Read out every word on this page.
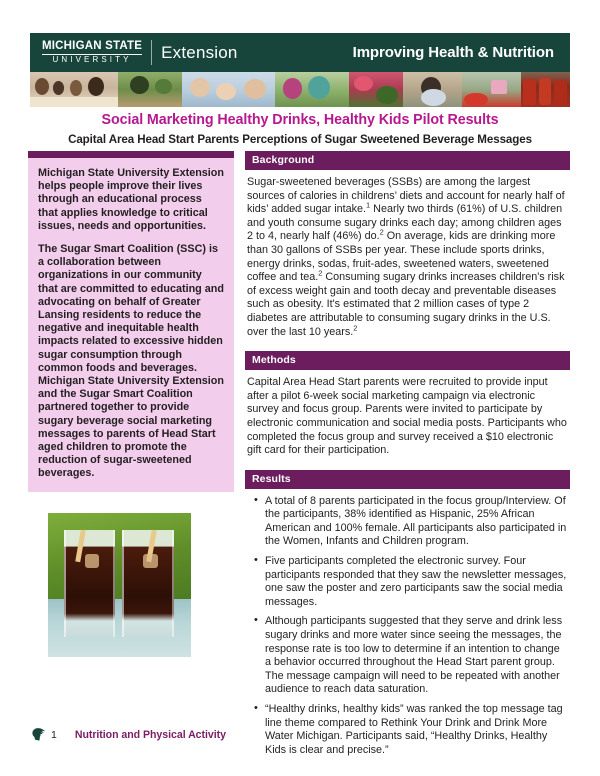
MICHIGAN STATE
UNIVERSITY	Extension	Improving Health & Nutrition
Social Marketing Healthy Drinks, Healthy Kids Pilot Results
Capital Area Head Start Parents Perceptions of Sugar Sweetened Beverage Messages

Michigan State University Extension helps people improve their lives through an educational process that applies knowledge to critical issues, needs and opportunities.

The Sugar Smart Coalition (SSC) is a collaboration between organizations in our community that are committed to educating and advocating on behalf of Greater Lansing residents to reduce the negative and inequitable health impacts related to excessive hidden sugar consumption through common foods and beverages. Michigan State University Extension and the Sugar Smart Coalition partnered together to provide sugary beverage social marketing messages to parents of Head Start aged children to promote the reduction of sugar-sweetened beverages.

Background

Sugar-sweetened beverages (SSBs) are among the largest sources of calories in childrens’ diets and account for nearly half of kids’ added sugar intake.$^1$ Nearly two thirds (61%) of U.S. children and youth consume sugary drinks each day; among children ages 2 to 4, nearly half (46%) do.$^2$ On average, kids are drinking more than 30 gallons of SSBs per year. These include sports drinks, energy drinks, sodas, fruit-ades, sweetened waters, sweetened coffee and tea.$^2$ Consuming sugary drinks increases children's risk of excess weight gain and tooth decay and preventable diseases such as obesity. It's estimated that 2 million cases of type 2 diabetes are attributable to consuming sugary drinks in the U.S. over the last 10 years.$^2$

Methods

Capital Area Head Start parents were recruited to provide input after a pilot 6-week social marketing campaign via electronic survey and focus group. Parents were invited to participate by electronic communication and social media posts. Participants who completed the focus group and survey received a $10 electronic gift card for their participation.

Results
• A total of 8 parents participated in the focus group/Interview. Of the participants, 38% identified as Hispanic, 25% African American and 100% female. All participants also participated in the Women, Infants and Children program.
• Five participants completed the electronic survey. Four participants responded that they saw the newsletter messages, one saw the poster and zero participants saw the social media messages.
• Although participants suggested that they serve and drink less sugary drinks and more water since seeing the messages, the response rate is too low to determine if an intention to change a behavior occurred throughout the Head Start parent group. The message campaign will need to be repeated with another audience to reach data saturation.
• “Healthy drinks, healthy kids” was ranked the top message tag line theme compared to Rethink Your Drink and Drink More Water Michigan. Participants said, “Healthy Drinks, Healthy Kids is clear and precise.”
1 Nutrition and Physical Activity
